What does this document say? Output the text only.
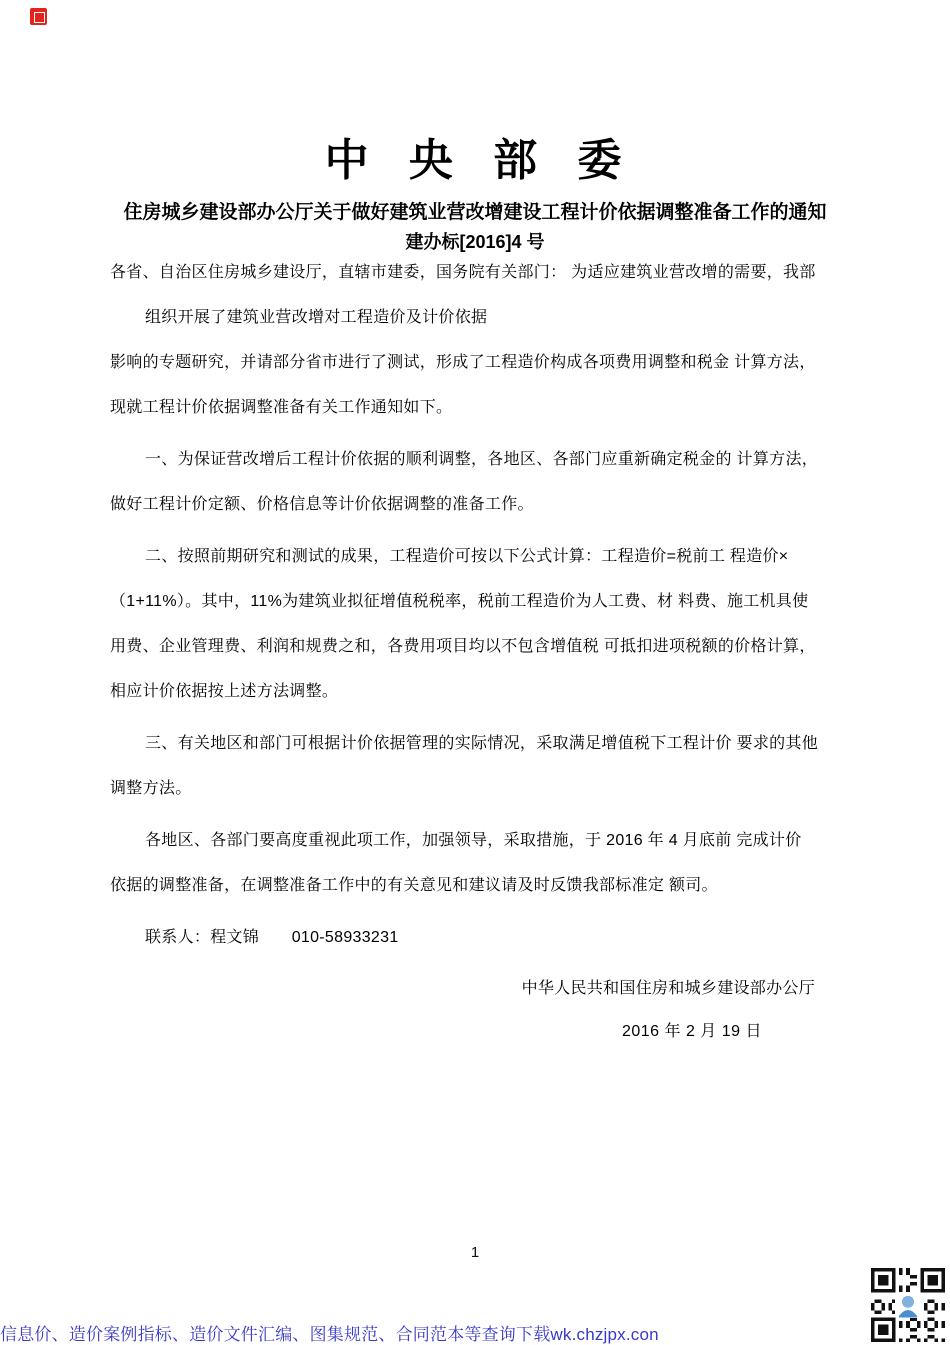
中 央 部 委
住房城乡建设部办公厅关于做好建筑业营改增建设工程计价依据调整准备工作的通知
建办标[2016]4 号
各省、自治区住房城乡建设厅，直辖市建委，国务院有关部门： 为适应建筑业营改增的需要，我部
组织开展了建筑业营改增对工程造价及计价依据
影响的专题研究，并请部分省市进行了测试，形成了工程造价构成各项费用调整和税金 计算方法，
现就工程计价依据调整准备有关工作通知如下。
一、为保证营改增后工程计价依据的顺利调整，各地区、各部门应重新确定税金的 计算方法，
做好工程计价定额、价格信息等计价依据调整的准备工作。
二、按照前期研究和测试的成果，工程造价可按以下公式计算：工程造价=税前工 程造价×
（1+11%）。其中，11%为建筑业拟征增值税税率，税前工程造价为人工费、材 料费、施工机具使
用费、企业管理费、利润和规费之和，各费用项目均以不包含增值税 可抵扣进项税额的价格计算，
相应计价依据按上述方法调整。
三、有关地区和部门可根据计价依据管理的实际情况，采取满足增值税下工程计价 要求的其他
调整方法。
各地区、各部门要高度重视此项工作，加强领导，采取措施，于 2016 年 4 月底前 完成计价
依据的调整准备，在调整准备工作中的有关意见和建议请及时反馈我部标准定 额司。
联系人：程文锦　　010-58933231
中华人民共和国住房和城乡建设部办公厅
2016 年 2 月 19 日
1
信息价、造价案例指标、造价文件汇编、图集规范、合同范本等查询下载wk.chzjpx.con
